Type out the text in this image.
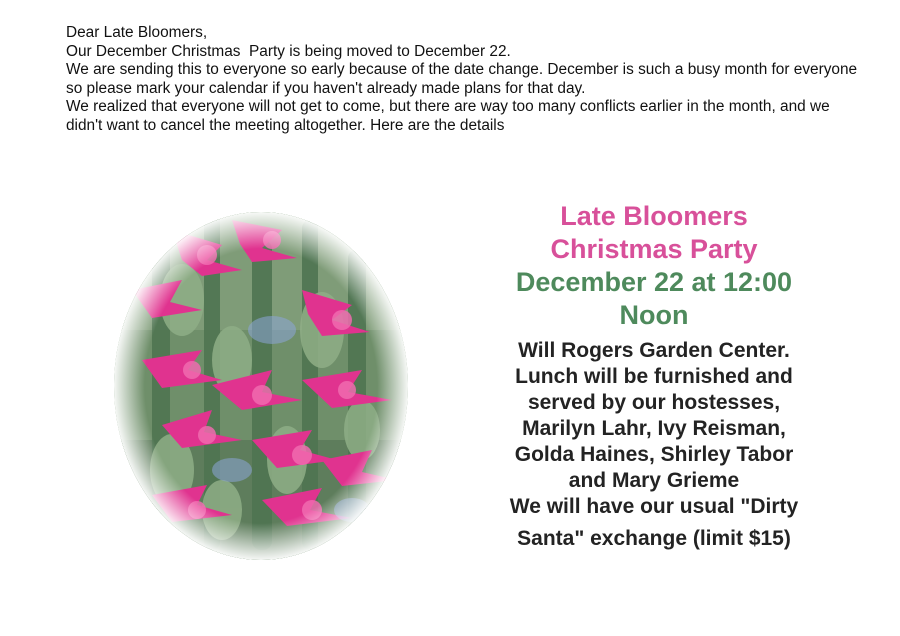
Dear Late Bloomers,

Our December Christmas  Party is being moved to December 22.

We are sending this to everyone so early because of the date change. December is such a busy month for everyone so please mark your calendar if you haven't already made plans for that day.

We realized that everyone will not get to come, but there are way too many conflicts earlier in the month, and we didn't want to cancel the meeting altogether. Here are the details

Late Bloomers

Christmas Party

December 22 at 12:00

Noon

Will Rogers Garden Center.
Lunch will be furnished and
served by our hostesses,
Marilyn Lahr, Ivy Reisman,
Golda Haines, Shirley Tabor
and Mary Grieme
We will have our usual "Dirty

Santa" exchange (limit $15)
